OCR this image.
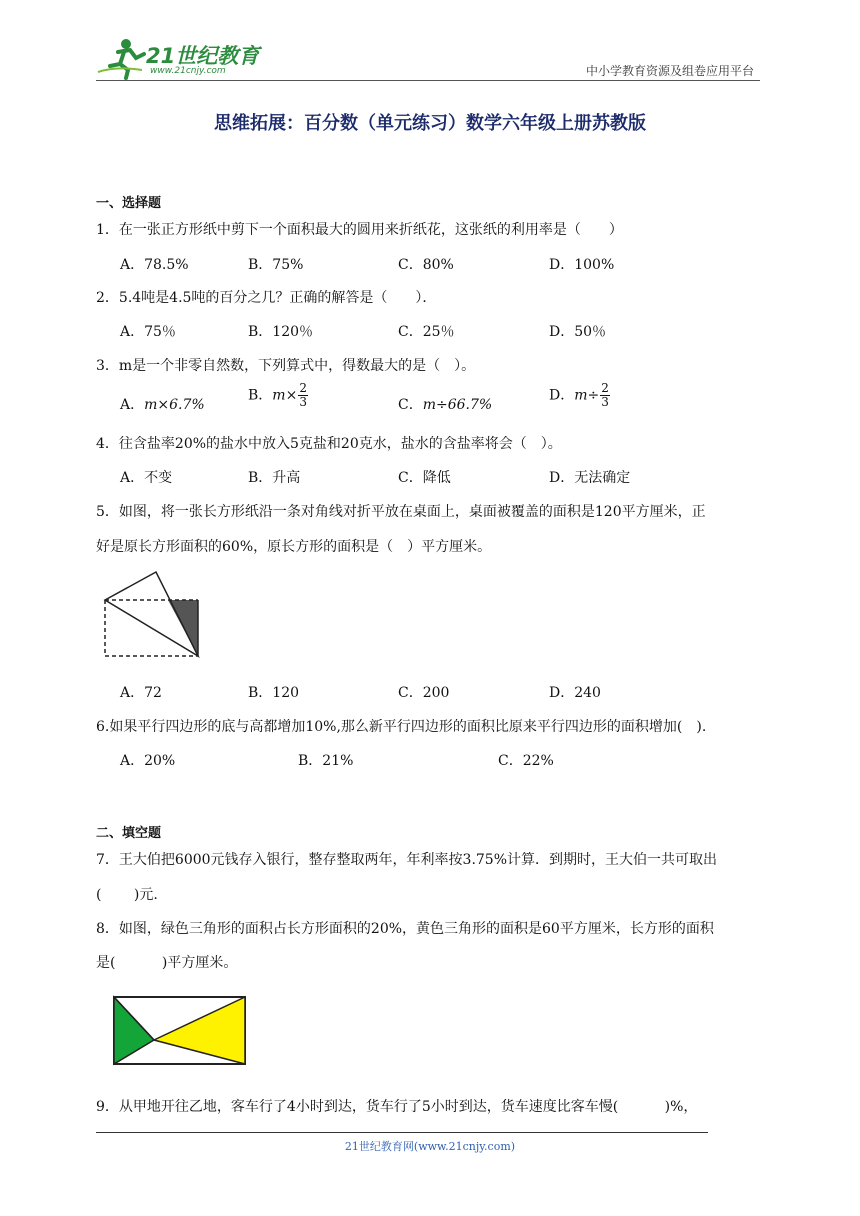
21世纪教育
www.21cnjy.com	中小学教育资源及组卷应用平台
思维拓展：百分数（单元练习）数学六年级上册苏教版
一、选择题
1．在一张正方形纸中剪下一个面积最大的圆用来折纸花，这张纸的利用率是（　　）
A．78.5%	B．75%	C．80%	D．100%
2．5.4吨是4.5吨的百分之几？正确的解答是（　　）．
A．75％	B．120％	C．25％	D．50％
3．m是一个非零自然数，下列算式中，得数最大的是（　）。
A．m×6.7%
B．$m\times \frac{2}{3}$	C．m÷66.7%
D．$m\div \frac{2}{3}$
4．往含盐率20%的盐水中放入5克盐和20克水，盐水的含盐率将会（　）。
A．不变	B．升高	C．降低	D．无法确定
5．如图，将一张长方形纸沿一条对角线对折平放在桌面上，桌面被覆盖的面积是120平方厘米，正
好是原长方形面积的60%，原长方形的面积是（　）平方厘米。
A．72	B．120	C．200	D．240
6.如果平行四边形的底与高都增加10%,那么新平行四边形的面积比原来平行四边形的面积增加(　).
A．20%	B．21%	C．22%
二、填空题
7．王大伯把6000元钱存入银行，整存整取两年，年利率按3.75%计算．到期时，王大伯一共可取出
(　　 )元.
8．如图，绿色三角形的面积占长方形面积的20%，黄色三角形的面积是60平方厘米，长方形的面积
是(　　　 )平方厘米。
9．从甲地开往乙地，客车行了4小时到达，货车行了5小时到达，货车速度比客车慢(　　　 )%，
21世纪教育网(www.21cnjy.com)
